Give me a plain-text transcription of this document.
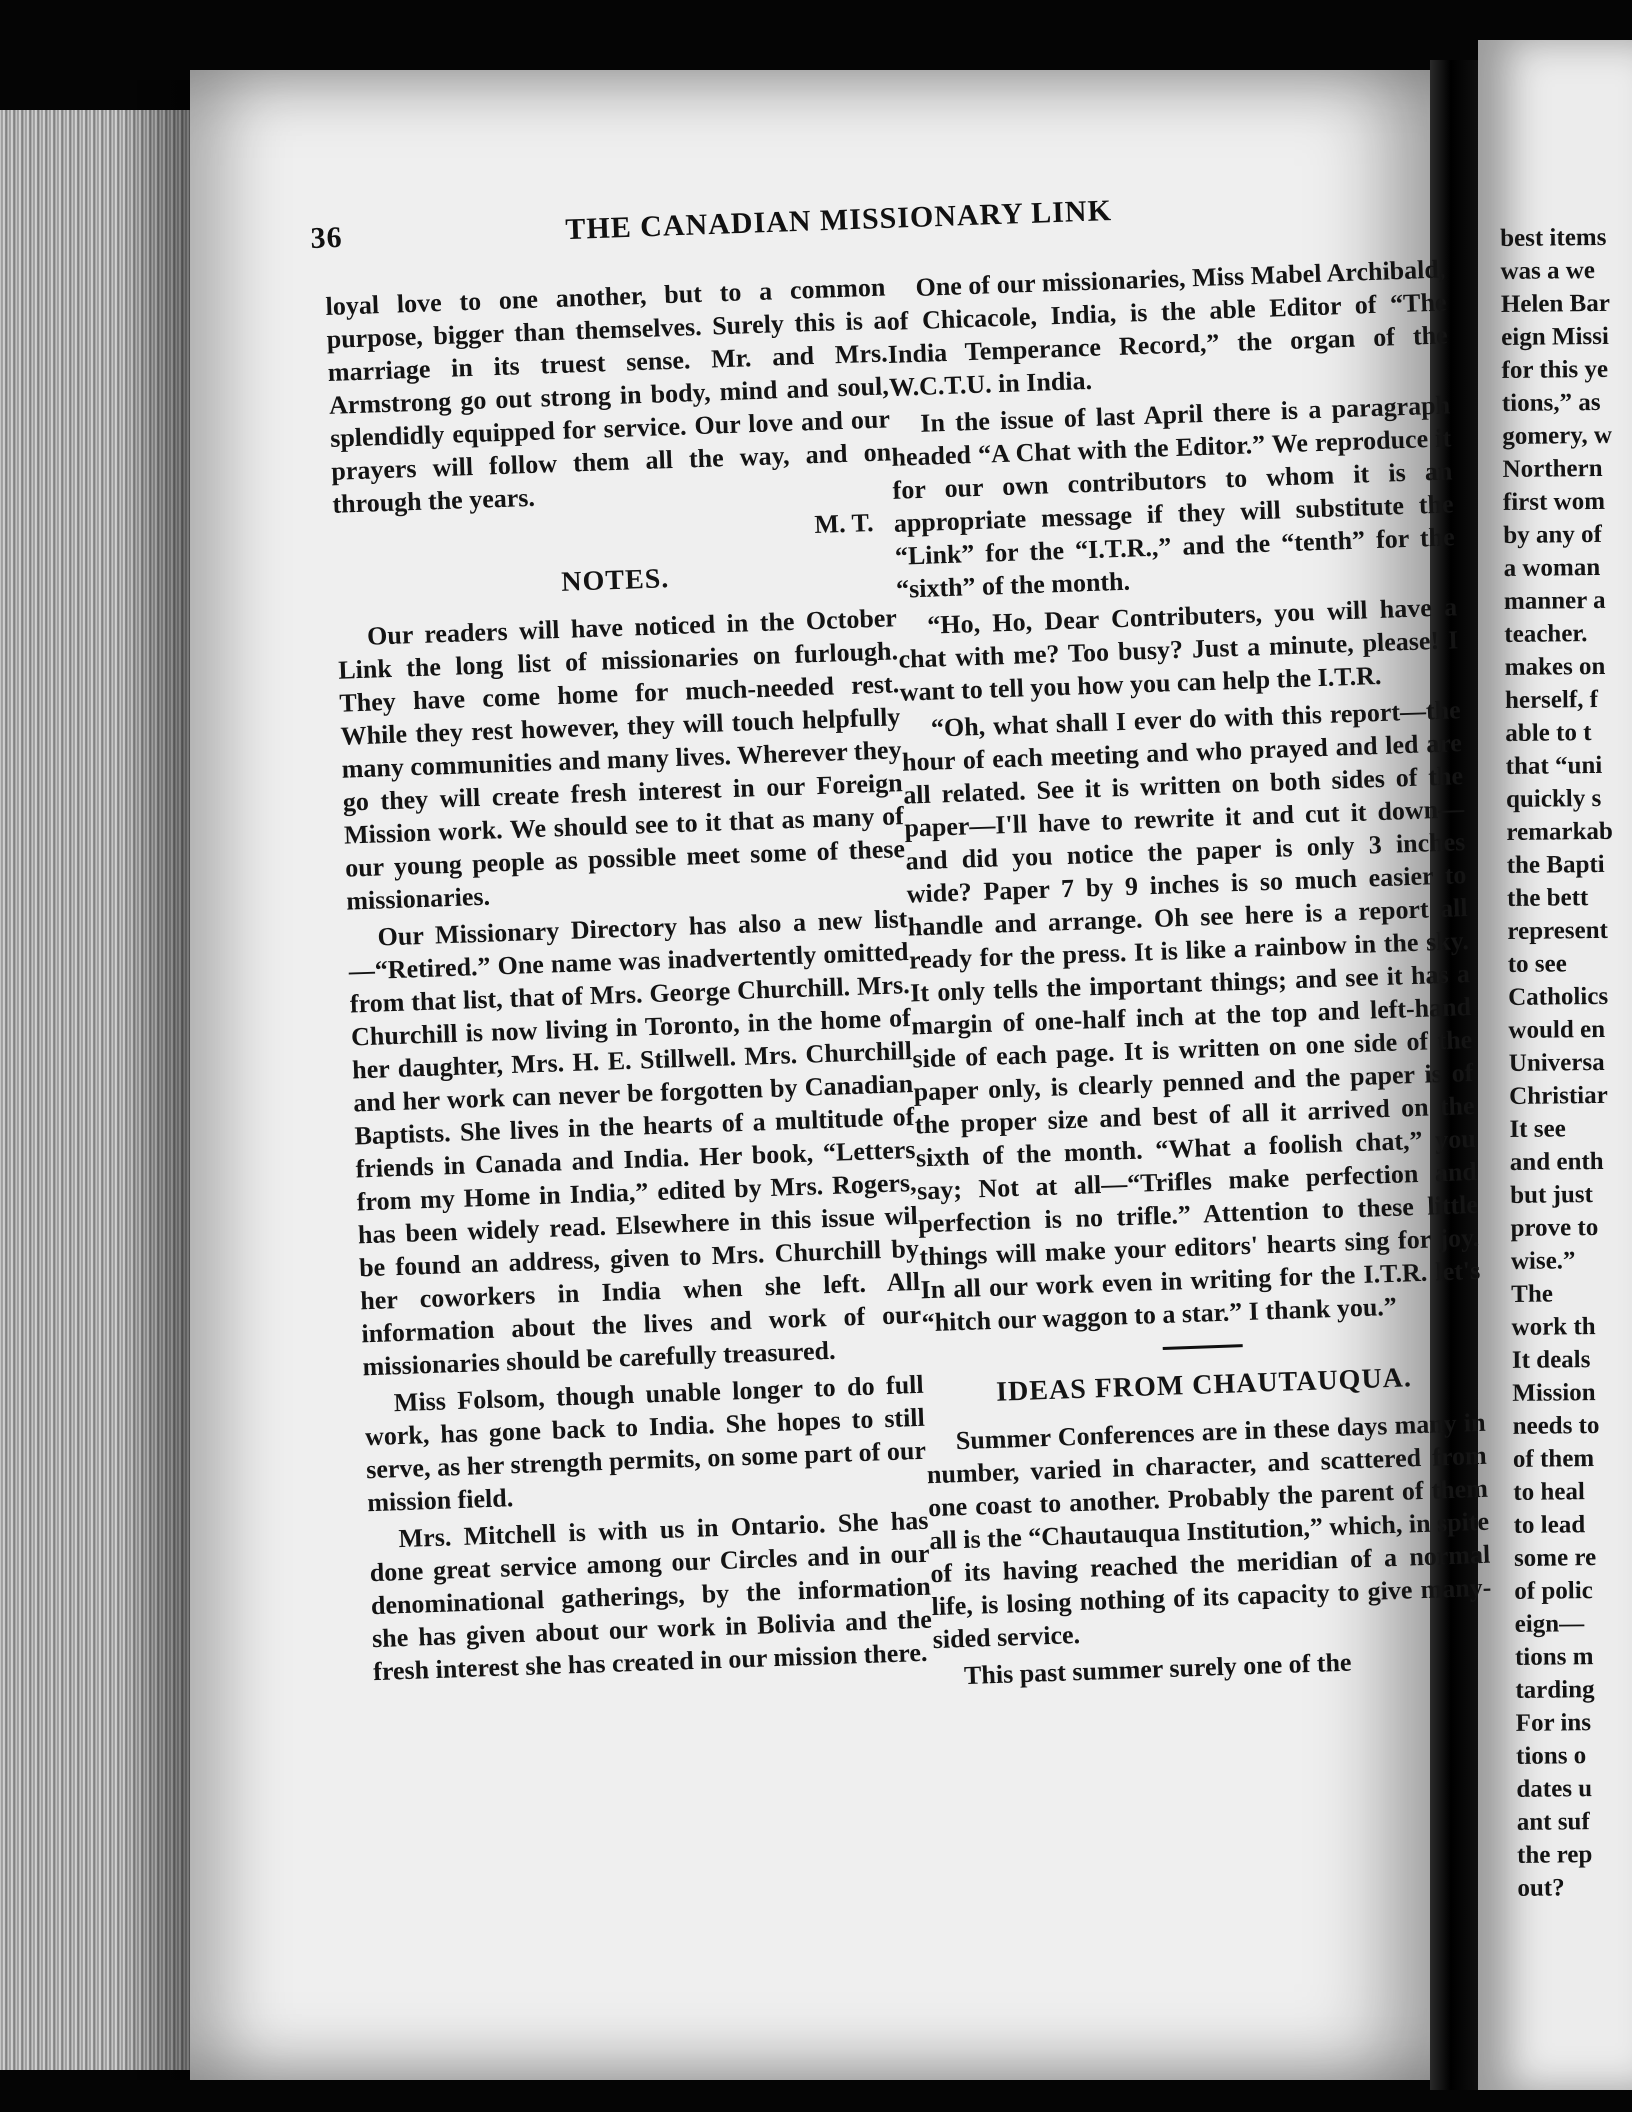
best items
was a we
Helen Bar
eign Missi
for this ye
tions,” as
gomery, w
Northern
first wom
by any of
a woman
manner a
teacher.
makes on
herself, f
able to t
that “uni
quickly s
remarkab
the Bapti
the bett
represent
to see
Catholics
would en
Universa
Christiar
It see
and enth
but just
prove to
wise.”
The
work th
It deals
Mission
needs to
of them
to heal
to lead
some re
of polic
eign—
tions m
tarding
For ins
tions o
dates u
ant suf
the rep
out?
36	THE CANADIAN MISSIONARY LINK

loyal love to one another, but to a common purpose, bigger than themselves. Surely this is a marriage in its truest sense. Mr. and Mrs. Armstrong go out strong in body, mind and soul, splendidly equipped for service. Our love and our prayers will follow them all the way, and on through the years.

M. T.
NOTES.

Our readers will have noticed in the October Link the long list of missionaries on furlough. They have come home for much-needed rest. While they rest however, they will touch helpfully many communities and many lives. Wherever they go they will create fresh interest in our Foreign Mission work. We should see to it that as many of our young people as possible meet some of these missionaries.

Our Missionary Directory has also a new list—“Retired.” One name was inadvertently omitted from that list, that of Mrs. George Churchill. Mrs. Churchill is now living in Toronto, in the home of her daughter, Mrs. H. E. Stillwell. Mrs. Churchill and her work can never be forgotten by Canadian Baptists. She lives in the hearts of a multitude of friends in Canada and India. Her book, “Letters from my Home in India,” edited by Mrs. Rogers, has been widely read. Elsewhere in this issue wil be found an address, given to Mrs. Churchill by her coworkers in India when she left. All information about the lives and work of our missionaries should be carefully treasured.

Miss Folsom, though unable longer to do full work, has gone back to India. She hopes to still serve, as her strength permits, on some part of our mission field.

Mrs. Mitchell is with us in Ontario. She has done great service among our Circles and in our denominational gatherings, by the information she has given about our work in Bolivia and the fresh interest she has created in our mission there.

One of our missionaries, Miss Mabel Archibald, of Chicacole, India, is the able Editor of “The India Temperance Record,” the organ of the W.C.T.U. in India.

In the issue of last April there is a paragraph headed “A Chat with the Editor.” We reproduce it for our own contributors to whom it is an appropriate message if they will substitute the “Link” for the “I.T.R.,” and the “tenth” for the “sixth” of the month.

“Ho, Ho, Dear Contributers, you will have a chat with me? Too busy? Just a minute, please! I want to tell you how you can help the I.T.R.

“Oh, what shall I ever do with this report—the hour of each meeting and who prayed and led are all related. See it is written on both sides of the paper—I'll have to rewrite it and cut it down—and did you notice the paper is only 3 inches wide? Paper 7 by 9 inches is so much easier to handle and arrange. Oh see here is a report all ready for the press. It is like a rainbow in the sky. It only tells the important things; and see it has a margin of one-half inch at the top and left-hand side of each page. It is written on one side of the paper only, is clearly penned and the paper is of the proper size and best of all it arrived on the sixth of the month. “What a foolish chat,” you say; Not at all—“Trifles make perfection and perfection is no trifle.” Attention to these little things will make your editors' hearts sing for joy. In all our work even in writing for the I.T.R. let's “hitch our waggon to a star.” I thank you.”

IDEAS FROM CHAUTAUQUA.

Summer Conferences are in these days many in number, varied in character, and scattered from one coast to another. Probably the parent of them all is the “Chautauqua Institution,” which, in spite of its having reached the meridian of a normal life, is losing nothing of its capacity to give many-sided service.

This past summer surely one of the
